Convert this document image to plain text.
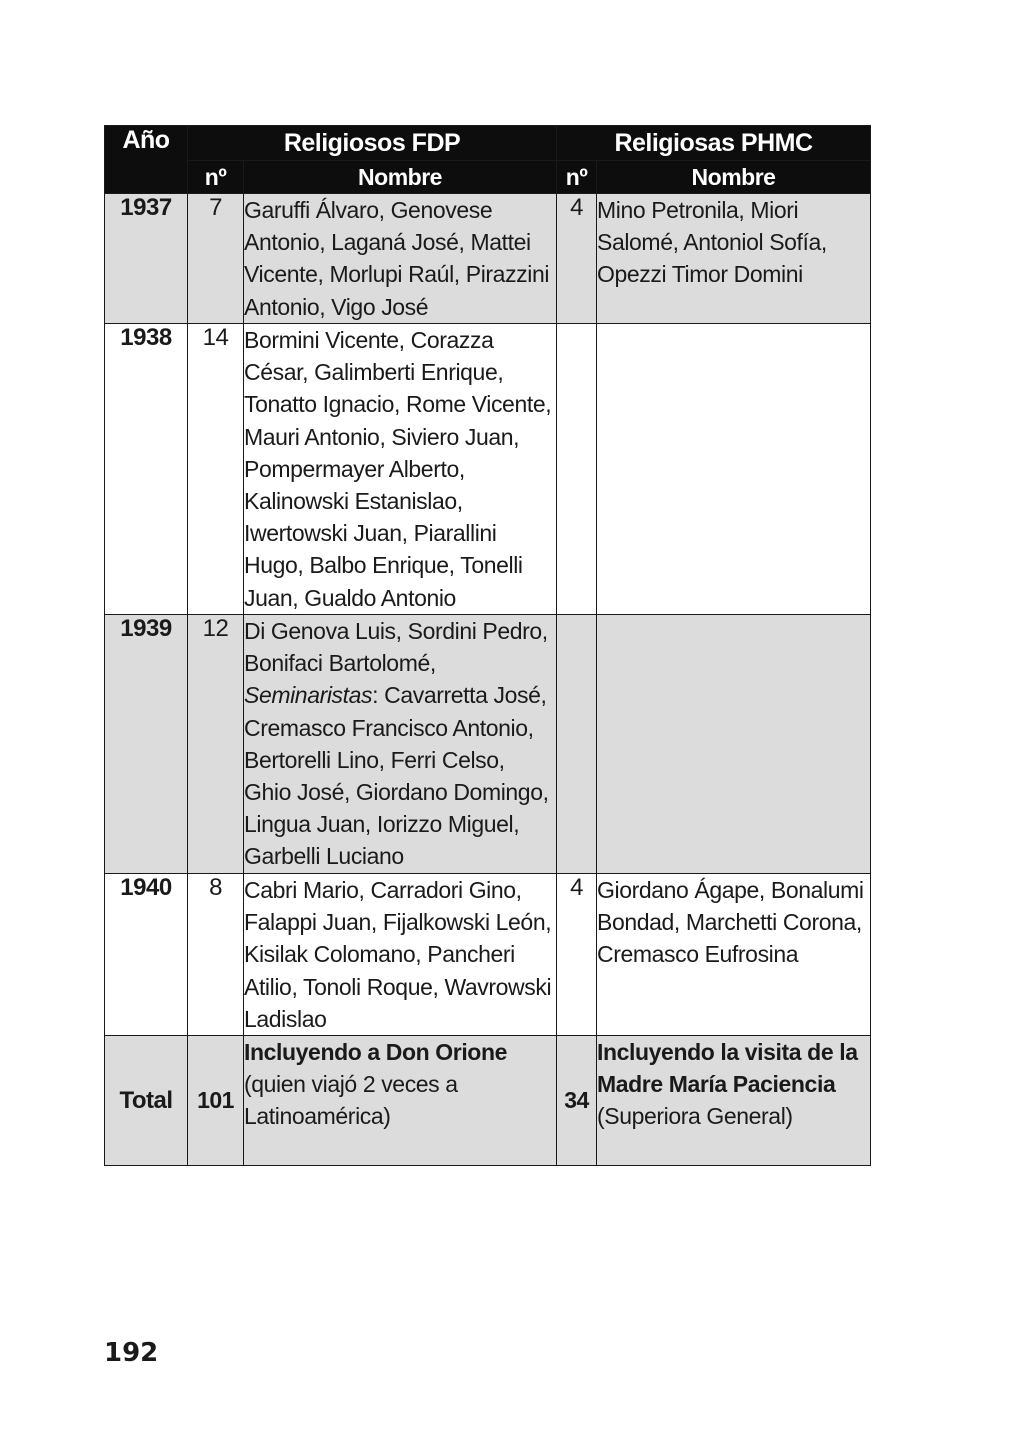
Año	Religiosos FDP		Religiosas PHMC	
	nº	Nombre	nº	Nombre
1937	7	Garuffi Álvaro, Genovese Antonio, Laganá José, Mattei Vicente, Morlupi Raúl, Pirazzini Antonio, Vigo José	4	Mino Petronila, Miori Salomé, Antoniol Sofía, Opezzi Timor Domini
1938	14	Bormini Vicente, Corazza César, Galimberti Enrique, Tonatto Ignacio, Rome Vicente, Mauri Antonio, Siviero Juan, Pompermayer Alberto, Kalinowski Estanislao, Iwertowski Juan, Piarallini Hugo, Balbo Enrique, Tonelli Juan, Gualdo Antonio		
1939	12	Di Genova Luis, Sordini Pedro, Bonifaci Bartolomé, Seminaristas: Cavarretta José, Cremasco Francisco Antonio, Bertorelli Lino, Ferri Celso, Ghio José, Giordano Domingo, Lingua Juan, Iorizzo Miguel, Garbelli Luciano		
1940	8	Cabri Mario, Carradori Gino, Falappi Juan, Fijalkowski León, Kisilak Colomano, Pancheri Atilio, Tonoli Roque, Wavrowski Ladislao	4	Giordano Ágape, Bonalumi Bondad, Marchetti Corona, Cremasco Eufrosina
Total	101	Incluyendo a Don Orione (quien viajó 2 veces a Latinoamérica)	34	Incluyendo la visita de la Madre María Paciencia (Superiora General)
192
